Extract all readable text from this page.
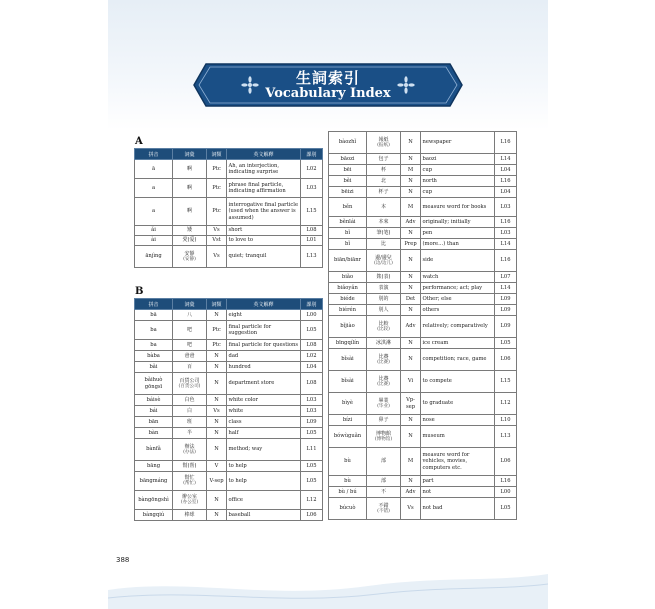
生詞索引
Vocabulary Index
A
拼音	詞彙	詞類	英文解釋	課別
ā	啊	Ptc	Ah, an interjection, indicating surprise	L02
a	啊	Ptc	phrase final particle, indicating affirmation	L03
a	啊	Ptc	interrogative final particle (used when the answer is assumed)	L15
ǎi	矮	Vs	short	L08
ài	愛(爱)	Vst	to love to	L01
ānjìng	安靜
(安静)	Vs	quiet; tranquil	L13
B
拼音	詞彙	詞類	英文解釋	課別
bā	八	N	eight	L00
ba	吧	Ptc	final particle for suggestion	L05
ba	吧	Ptc	final particle for questions	L08
bàba	爸爸	N	dad	L02
bǎi	百	N	hundred	L04
bǎihuò gōngsī	百貨公司
(百货公司)	N	department store	L08
báisè	白色	N	white color	L03
bái	白	Vs	white	L03
bān	班	N	class	L09
bàn	半	N	half	L05
bànfǎ	辦法
(办法)	N	method; way	L11
bāng	幫(帮)	V	to help	L05
bāngmáng	幫忙
(帮忙)	V-sep	to help	L05
bàngōngshì	辦公室
(办公室)	N	office	L12
bàngqiú	棒球	N	baseball	L06
bàozhǐ	報紙
(报纸)	N	newspaper	L16
bāozi	包子	N	baozi	L14
bēi	杯	M	cup	L04
běi	北	N	north	L16
bēizi	杯子	N	cup	L04
běn	本	M	measure word for books	L03
běnlái	本來	Adv	originally; initially	L16
bǐ	筆(笔)	N	pen	L03
bǐ	比	Prep	(more…) than	L14
biān/biānr	邊/邊兒
(边/边儿)	N	side	L16
biǎo	錶(表)	N	watch	L07
biǎoyǎn	表演	N	performance; act; play	L14
biéde	別的	Det	Other; else	L09
biérén	別人	N	others	L09
bǐjiào	比較
(比较)	Adv	relatively; comparatively	L09
bīngqílín	冰淇淋	N	ice cream	L05
bǐsài	比賽
(比赛)	N	competition; race, game	L06
bǐsài	比賽
(比赛)	Vi	to compete	L15
bìyè	畢業
(毕业)	Vp-sep	to graduate	L12
bízi	鼻子	N	nose	L10
bówùguǎn	博物館
(博物馆)	N	museum	L13
bù	部	M	measure word for vehicles, movies, computers etc.	L06
bù	部	N	part	L16
bù / bú	不	Adv	not	L00
búcuò	不錯
(不错)	Vs	not bad	L05
388
